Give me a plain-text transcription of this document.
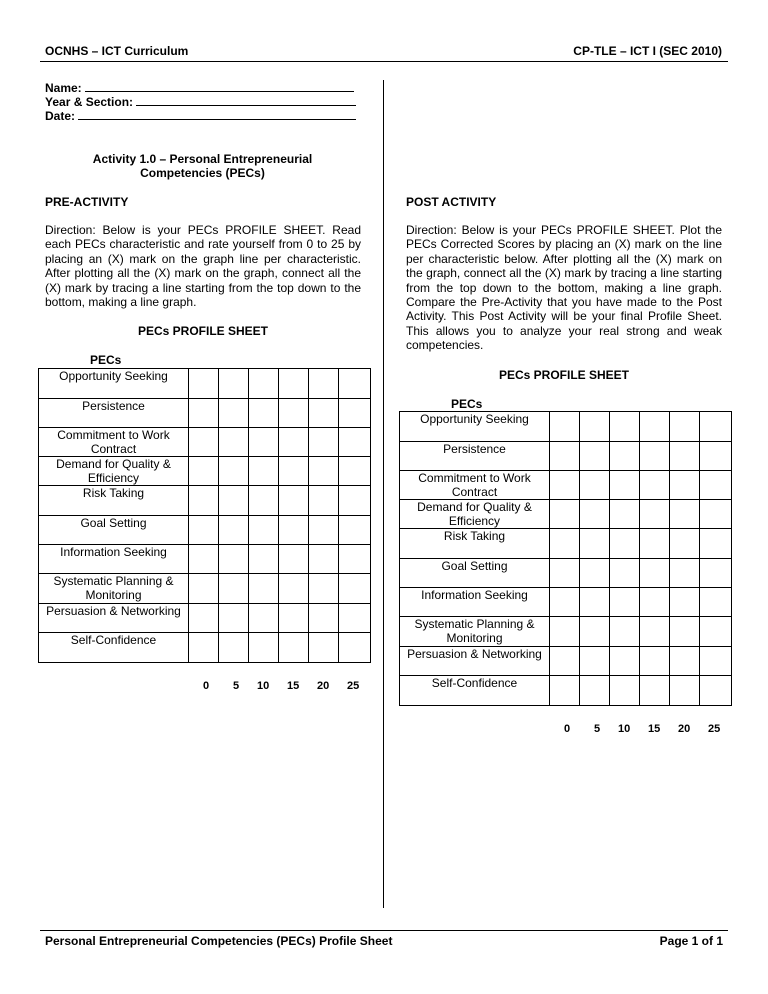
OCNHS – ICT Curriculum	CP-TLE – ICT I (SEC 2010)
Name:
Year & Section:
Date:
Activity 1.0 – Personal Entrepreneurial
Competencies (PECs)
PRE-ACTIVITY
Direction: Below is your PECs PROFILE SHEET. Read each PECs characteristic and rate yourself from 0 to 25 by placing an (X) mark on the graph line per characteristic. After plotting all the (X) mark on the graph, connect all the (X) mark by tracing a line starting from the top down to the bottom, making a line graph.
PECs PROFILE SHEET
PECs
Opportunity Seeking						
Persistence						
Commitment to Work Contract						
Demand for Quality & Efficiency						
Risk Taking						
Goal Setting						
Information Seeking						
Systematic Planning & Monitoring						
Persuasion & Networking						
Self-Confidence						
0 5 10 15 20 25
POST ACTIVITY
Direction: Below is your PECs PROFILE SHEET. Plot the PECs Corrected Scores by placing an (X) mark on the line per characteristic below. After plotting all the (X) mark on the graph, connect all the (X) mark by tracing a line starting from the top down to the bottom, making a line graph. Compare the Pre-Activity that you have made to the Post Activity. This Post Activity will be your final Profile Sheet. This allows you to analyze your real strong and weak competencies.
PECs PROFILE SHEET
PECs
Opportunity Seeking						
Persistence						
Commitment to Work Contract						
Demand for Quality & Efficiency						
Risk Taking						
Goal Setting						
Information Seeking						
Systematic Planning & Monitoring						
Persuasion & Networking						
Self-Confidence						
0 5 10 15 20 25
Personal Entrepreneurial Competencies (PECs) Profile Sheet	Page 1 of 1
